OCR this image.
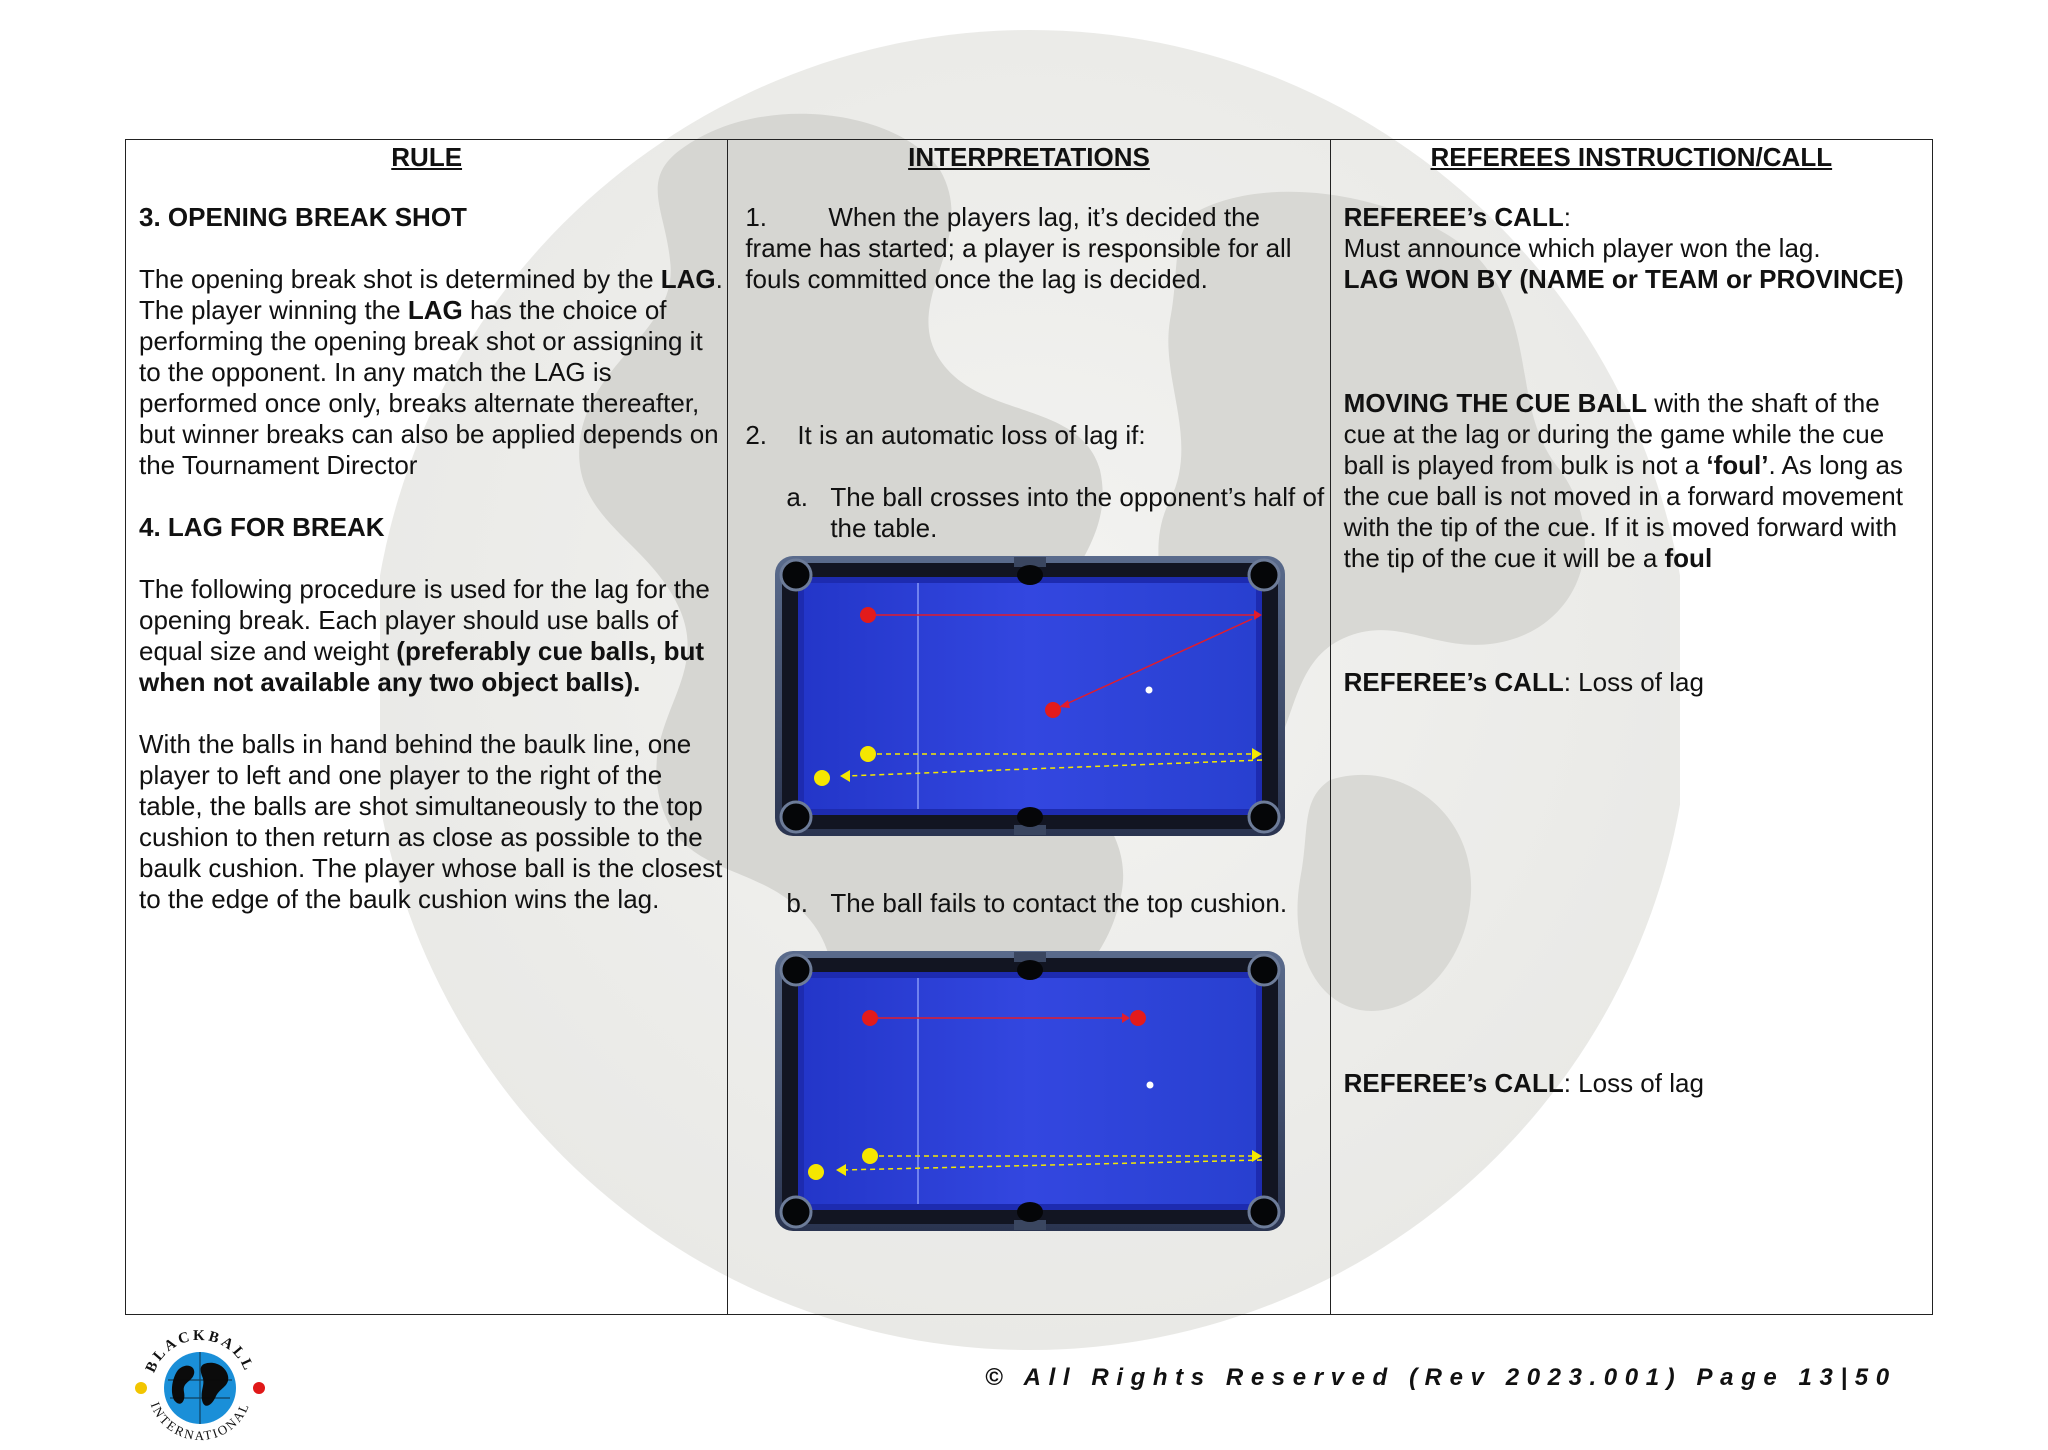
RULE

3. OPENING BREAK SHOT

The opening break shot is determined by the LAG. The player winning the LAG has the choice of performing the opening break shot or assigning it to the opponent. In any match the LAG is performed once only, breaks alternate thereafter, but winner breaks can also be applied depends on the Tournament Director

4. LAG FOR BREAK

The following procedure is used for the lag for the opening break. Each player should use balls of equal size and weight (preferably cue balls, but when not available any two object balls).

With the balls in hand behind the baulk line, one player to left and one player to the right of the table, the balls are shot simultaneously to the top cushion to then return as close as possible to the baulk cushion. The player whose ball is the closest to the edge of the baulk cushion wins the lag.

INTERPRETATIONS
1.	When the players lag, it’s decided the frame has started; a player is responsible for all fouls committed once the lag is decided.

2. It is an automatic loss of lag if:

a. The ball crosses into the opponent’s half of the table.

b. The ball fails to contact the top cushion.

REFEREES INSTRUCTION/CALL

REFEREE’s CALL:
Must announce which player won the lag.
LAG WON BY (NAME or TEAM or PROVINCE)

MOVING THE CUE BALL with the shaft of the cue at the lag or during the game while the cue ball is played from bulk is not a ‘foul’. As long as the cue ball is not moved in a forward movement with the tip of the cue. If it is moved forward with the tip of the cue it will be a foul

REFEREE’s CALL: Loss of lag

REFEREE’s CALL: Loss of lag

BLACKBALL
INTERNATIONAL
© All Rights Reserved (Rev 2023.001) Page 13|50
